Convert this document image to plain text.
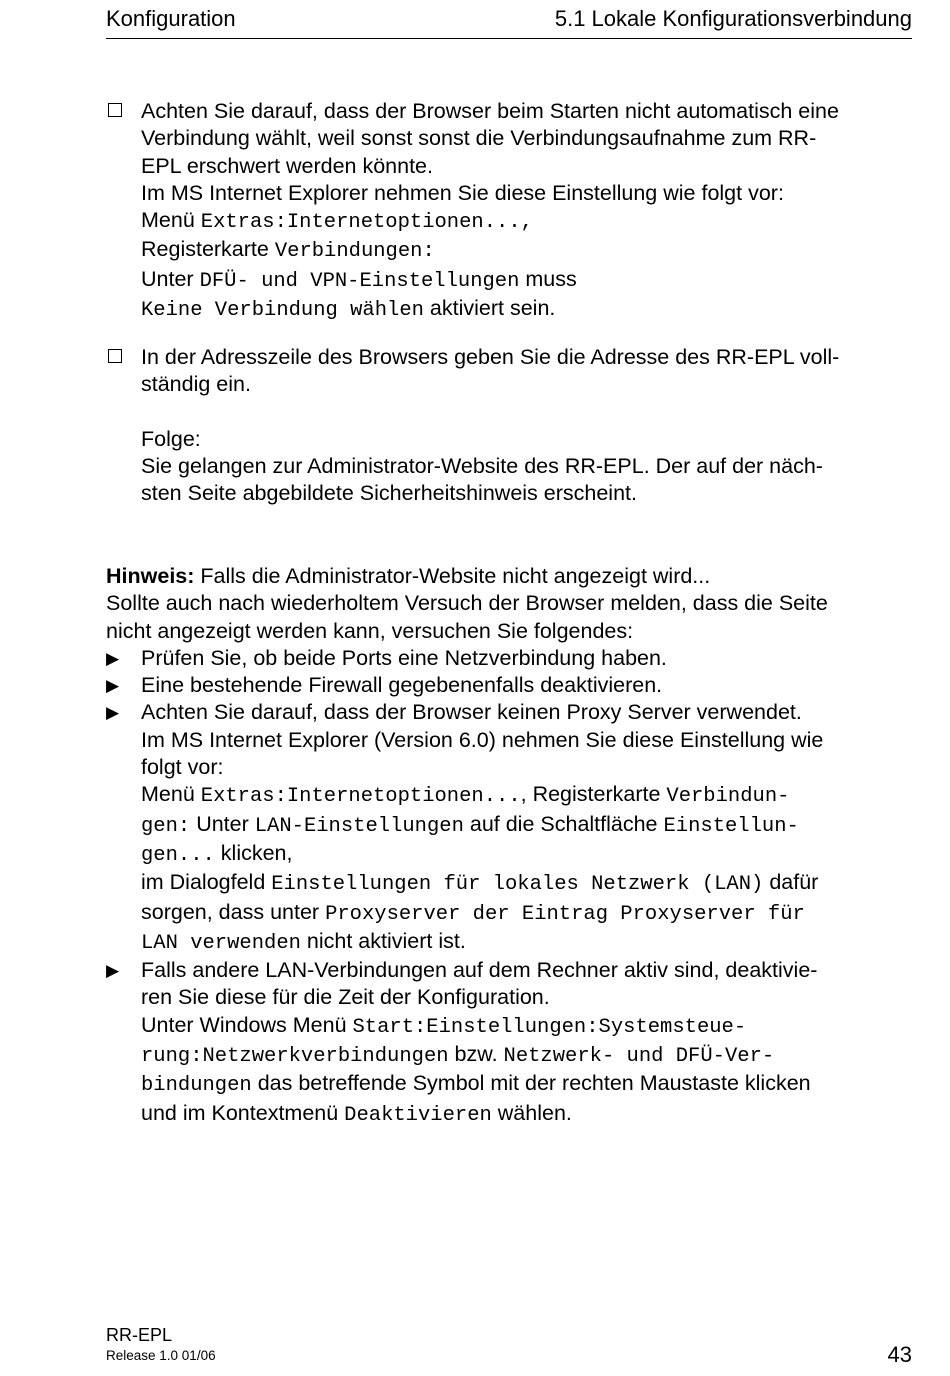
Konfiguration	5.1 Lokale Konfigurationsverbindung
Achten Sie darauf, dass der Browser beim Starten nicht automatisch eine
Verbindung wählt, weil sonst sonst die Verbindungsaufnahme zum RR-
EPL erschwert werden könnte.
Im MS Internet Explorer nehmen Sie diese Einstellung wie folgt vor:
Menü Extras:Internetoptionen...,
Registerkarte Verbindungen:
Unter DFÜ- und VPN-Einstellungen muss
Keine Verbindung wählen aktiviert sein.
In der Adresszeile des Browsers geben Sie die Adresse des RR-EPL voll-
ständig ein.
Folge:
Sie gelangen zur Administrator-Website des RR-EPL. Der auf der näch-
sten Seite abgebildete Sicherheitshinweis erscheint.
Hinweis: Falls die Administrator-Website nicht angezeigt wird...
Sollte auch nach wiederholtem Versuch der Browser melden, dass die Seite
nicht angezeigt werden kann, versuchen Sie folgendes:
▶ Prüfen Sie, ob beide Ports eine Netzverbindung haben.
▶ Eine bestehende Firewall gegebenenfalls deaktivieren.
▶ Achten Sie darauf, dass der Browser keinen Proxy Server verwendet.
Im MS Internet Explorer (Version 6.0) nehmen Sie diese Einstellung wie
folgt vor:
Menü Extras:Internetoptionen..., Registerkarte Verbindun-
gen: Unter LAN-Einstellungen auf die Schaltfläche Einstellun-
gen... klicken,
im Dialogfeld Einstellungen für lokales Netzwerk (LAN) dafür
sorgen, dass unter Proxyserver der Eintrag Proxyserver für
LAN verwenden nicht aktiviert ist.
▶ Falls andere LAN-Verbindungen auf dem Rechner aktiv sind, deaktivie-
ren Sie diese für die Zeit der Konfiguration.
Unter Windows Menü Start:Einstellungen:Systemsteue-
rung:Netzwerkverbindungen bzw. Netzwerk- und DFÜ-Ver-
bindungen das betreffende Symbol mit der rechten Maustaste klicken
und im Kontextmenü Deaktivieren wählen.
RR-EPL
Release 1.0 01/06	43
